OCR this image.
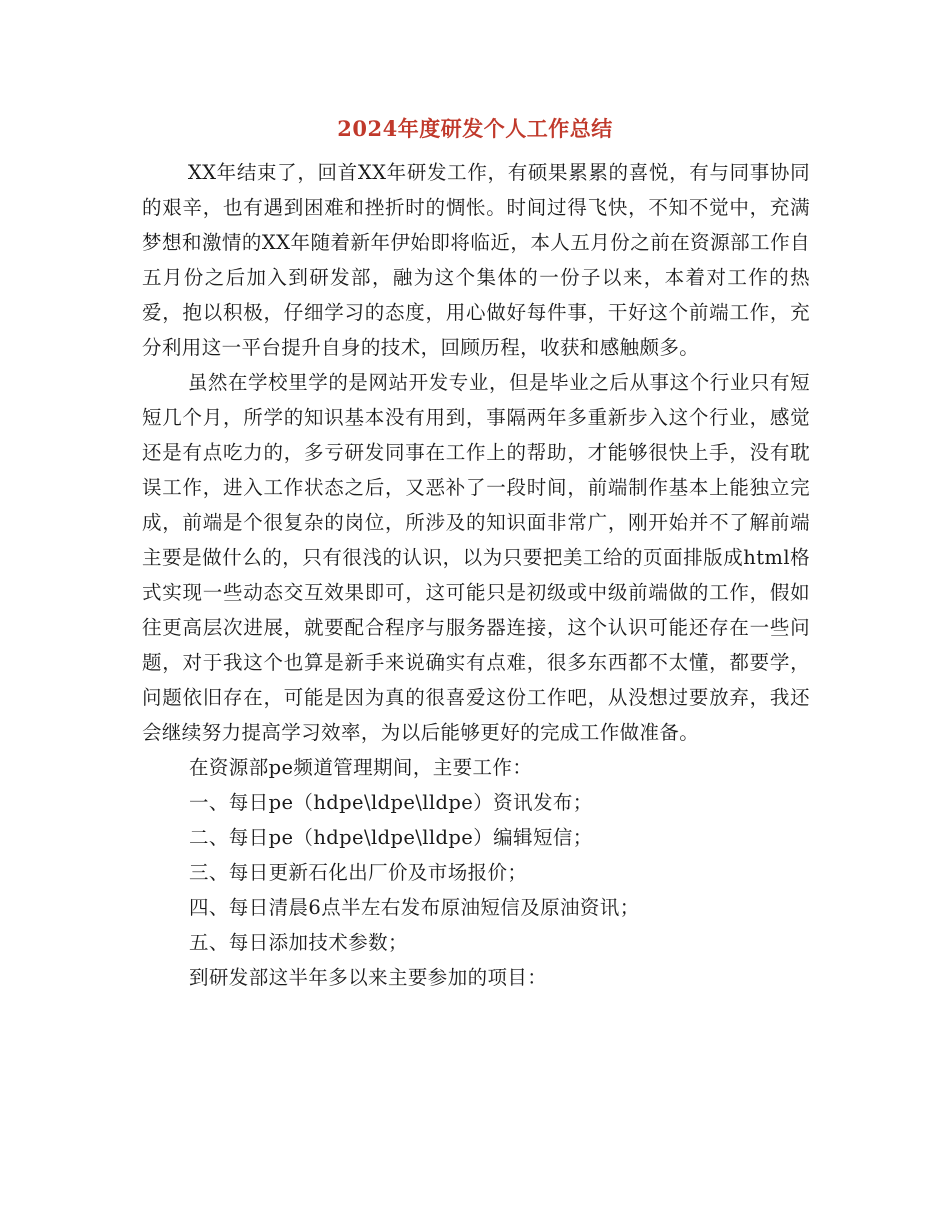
2024年度研发个人工作总结

XX年结束了，回首XX年研发工作，有硕果累累的喜悦，有与同事协同的艰辛，也有遇到困难和挫折时的惆怅。时间过得飞快，不知不觉中，充满梦想和激情的XX年随着新年伊始即将临近，本人五月份之前在资源部工作自五月份之后加入到研发部，融为这个集体的一份子以来，本着对工作的热爱，抱以积极，仔细学习的态度，用心做好每件事，干好这个前端工作，充分利用这一平台提升自身的技术，回顾历程，收获和感触颇多。

虽然在学校里学的是网站开发专业，但是毕业之后从事这个行业只有短短几个月，所学的知识基本没有用到，事隔两年多重新步入这个行业，感觉还是有点吃力的，多亏研发同事在工作上的帮助，才能够很快上手，没有耽误工作，进入工作状态之后，又恶补了一段时间，前端制作基本上能独立完成，前端是个很复杂的岗位，所涉及的知识面非常广，刚开始并不了解前端主要是做什么的，只有很浅的认识，以为只要把美工给的页面排版成html格式实现一些动态交互效果即可，这可能只是初级或中级前端做的工作，假如往更高层次进展，就要配合程序与服务器连接，这个认识可能还存在一些问题，对于我这个也算是新手来说确实有点难，很多东西都不太懂，都要学，问题依旧存在，可能是因为真的很喜爱这份工作吧，从没想过要放弃，我还会继续努力提高学习效率，为以后能够更好的完成工作做准备。

在资源部pe频道管理期间，主要工作：
一、每日pe（hdpe\ldpe\lldpe）资讯发布；
二、每日pe（hdpe\ldpe\lldpe）编辑短信；
三、每日更新石化出厂价及市场报价；
四、每日清晨6点半左右发布原油短信及原油资讯；
五、每日添加技术参数；
到研发部这半年多以来主要参加的项目：
